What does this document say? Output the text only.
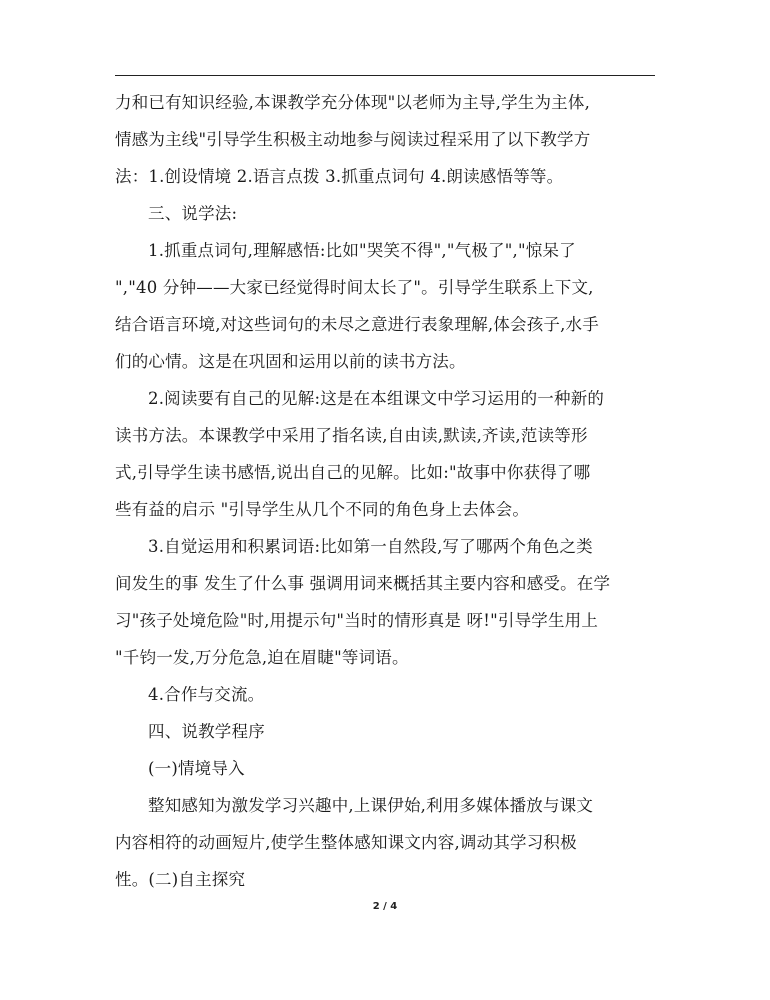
力和已有知识经验,本课教学充分体现"以老师为主导,学生为主体,
情感为主线"引导学生积极主动地参与阅读过程采用了以下教学方
法：1.创设情境 2.语言点拨 3.抓重点词句 4.朗读感悟等等。
三、说学法:
1.抓重点词句,理解感悟:比如"哭笑不得","气极了","惊呆了
","40 分钟——大家已经觉得时间太长了"。引导学生联系上下文,
结合语言环境,对这些词句的未尽之意进行表象理解,体会孩子,水手
们的心情。这是在巩固和运用以前的读书方法。
2.阅读要有自己的见解:这是在本组课文中学习运用的一种新的
读书方法。本课教学中采用了指名读,自由读,默读,齐读,范读等形
式,引导学生读书感悟,说出自己的见解。比如:"故事中你获得了哪
些有益的启示 "引导学生从几个不同的角色身上去体会。
3.自觉运用和积累词语:比如第一自然段,写了哪两个角色之类
间发生的事 发生了什么事 强调用词来概括其主要内容和感受。在学
习"孩子处境危险"时,用提示句"当时的情形真是 呀!"引导学生用上
"千钧一发,万分危急,迫在眉睫"等词语。
4.合作与交流。
四、说教学程序
(一)情境导入
整知感知为激发学习兴趣中,上课伊始,利用多媒体播放与课文
内容相符的动画短片,使学生整体感知课文内容,调动其学习积极
性。(二)自主探究
2 / 4
